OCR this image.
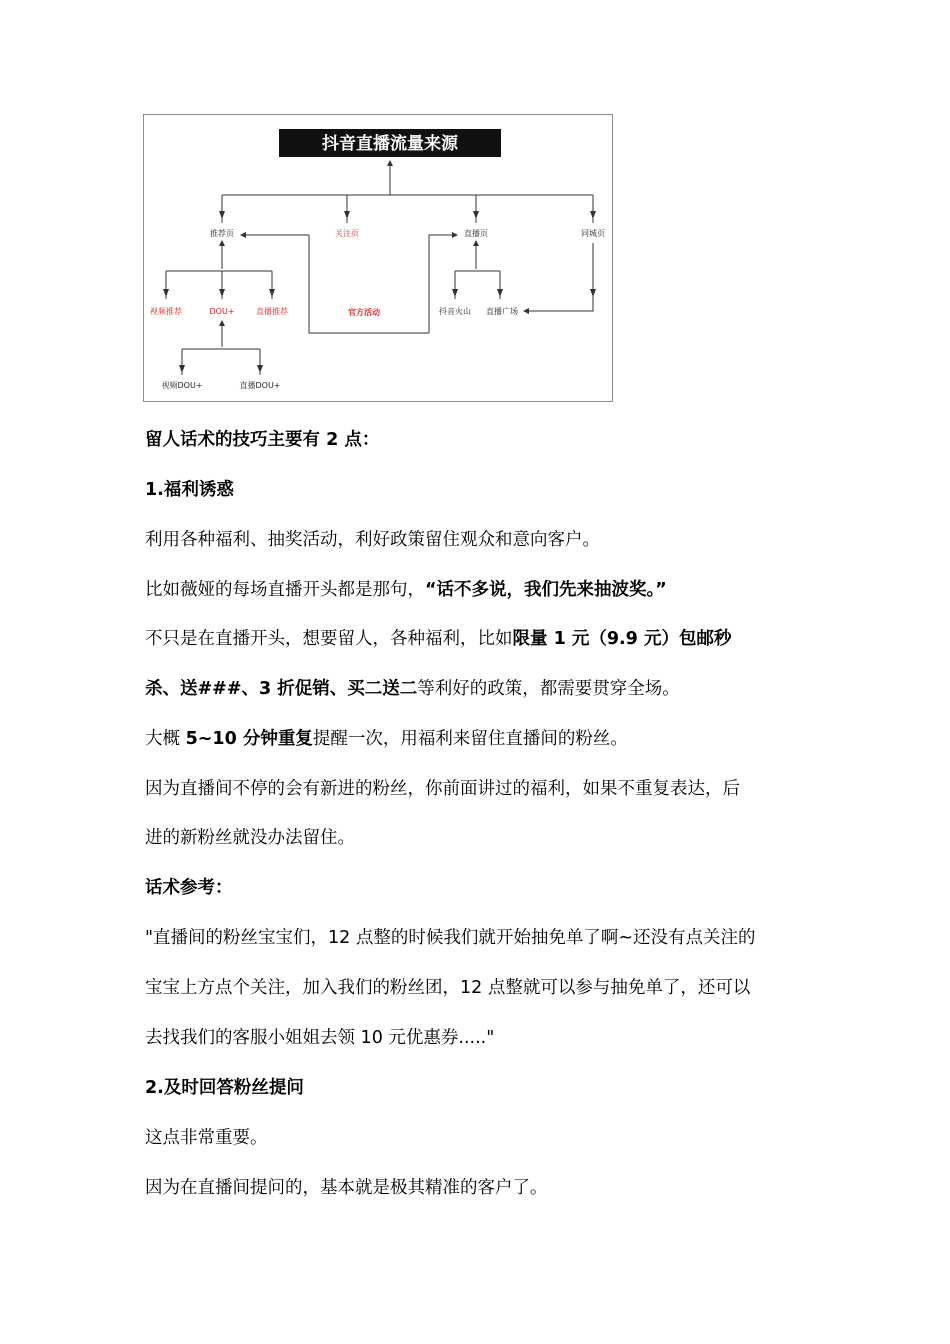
抖音直播流量来源
推荐页	关注页	直播页	同城页
视频推荐	DOU+	直播推荐	官方活动	抖音火山 直播广场
视频DOU+	直播DOU+
留人话术的技巧主要有 2 点：
1.福利诱惑
利用各种福利、抽奖活动，利好政策留住观众和意向客户。
比如薇娅的每场直播开头都是那句，“话不多说，我们先来抽波奖。”
不只是在直播开头，想要留人，各种福利，比如限量 1 元（9.9 元）包邮秒
杀、送###、3 折促销、买二送二等利好的政策，都需要贯穿全场。
大概 5~10 分钟重复提醒一次，用福利来留住直播间的粉丝。
因为直播间不停的会有新进的粉丝，你前面讲过的福利，如果不重复表达，后
进的新粉丝就没办法留住。
话术参考：
"直播间的粉丝宝宝们，12 点整的时候我们就开始抽免单了啊~还没有点关注的
宝宝上方点个关注，加入我们的粉丝团，12 点整就可以参与抽免单了，还可以
去找我们的客服小姐姐去领 10 元优惠券....."
2.及时回答粉丝提问
这点非常重要。
因为在直播间提问的，基本就是极其精准的客户了。
